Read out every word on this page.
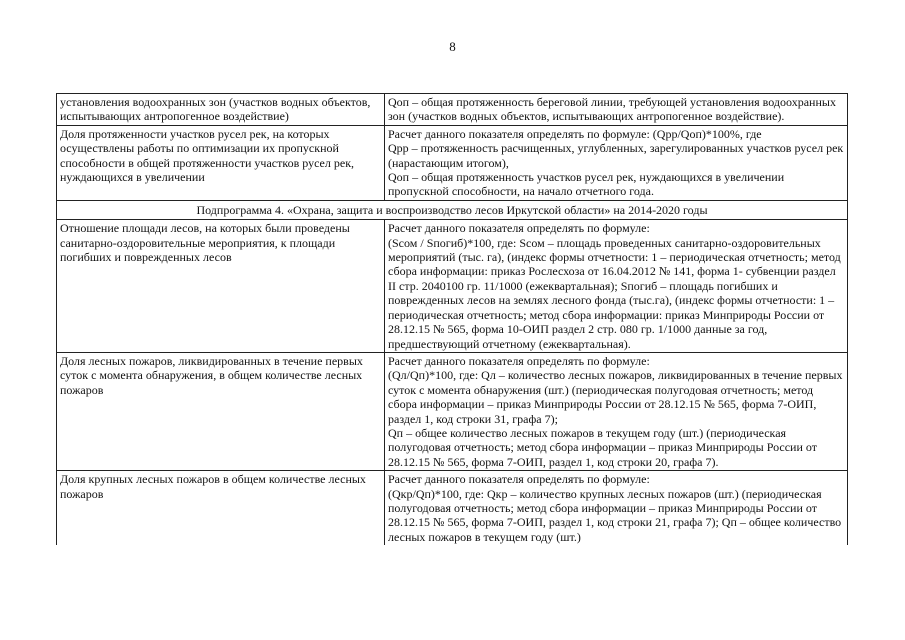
8
установления водоохранных зон (участков водных объектов, испытывающих антропогенное воздействие)	Qоп – общая протяженность береговой линии, требующей установления водоохранных зон (участков водных объектов, испытывающих антропогенное воздействие).

Доля протяженности участков русел рек, на которых осуществлены работы по оптимизации их пропускной способности в общей протяженности участков русел рек, нуждающихся в увеличении	Расчет данного показателя определять по формуле: (Qрр/Qоп)*100%, где
Qрр – протяженность расчищенных, углубленных, зарегулированных участков русел рек (нарастающим итогом),
Qоп – общая протяженность участков русел рек, нуждающихся в увеличении пропускной способности, на начало отчетного года.

Подпрограмма 4. «Охрана, защита и воспроизводство лесов Иркутской области» на 2014-2020 годы	
Отношение площади лесов, на которых были проведены санитарно-оздоровительные мероприятия, к площади погибших и поврежденных лесов	Расчет данного показателя определять по формуле:
(Sсом / Sпогиб)*100, где: Sсом – площадь проведенных санитарно-оздоровительных мероприятий (тыс. га), (индекс формы отчетности: 1 – периодическая отчетность; метод сбора информации: приказ Рослесхоза от 16.04.2012 № 141, форма 1- субвенции раздел II стр. 2040100 гр. 11/1000 (ежеквартальная); Sпогиб – площадь погибших и поврежденных лесов на землях лесного фонда (тыс.га), (индекс формы отчетности: 1 – периодическая отчетность; метод сбора информации: приказ Минприроды России от 28.12.15 № 565, форма 10-ОИП раздел 2 стр. 080 гр. 1/1000 данные за год, предшествующий отчетному (ежеквартальная).

Доля лесных пожаров, ликвидированных в течение первых суток с момента обнаружения, в общем количестве лесных пожаров	Расчет данного показателя определять по формуле:
(Qл/Qп)*100, где: Qл – количество лесных пожаров, ликвидированных в течение первых суток с момента обнаружения (шт.) (периодическая полугодовая отчетность; метод сбора информации – приказ Минприроды России от 28.12.15 № 565, форма 7-ОИП, раздел 1, код строки 31, графа 7);
Qп – общее количество лесных пожаров в текущем году (шт.) (периодическая полугодовая отчетность; метод сбора информации – приказ Минприроды России от 28.12.15 № 565, форма 7-ОИП, раздел 1, код строки 20, графа 7).

Доля крупных лесных пожаров в общем количестве лесных пожаров	Расчет данного показателя определять по формуле:
(Qкр/Qп)*100, где: Qкр – количество крупных лесных пожаров (шт.) (периодическая полугодовая отчетность; метод сбора информации – приказ Минприроды России от 28.12.15 № 565, форма 7-ОИП, раздел 1, код строки 21, графа 7); Qп – общее количество лесных пожаров в текущем году (шт.)
